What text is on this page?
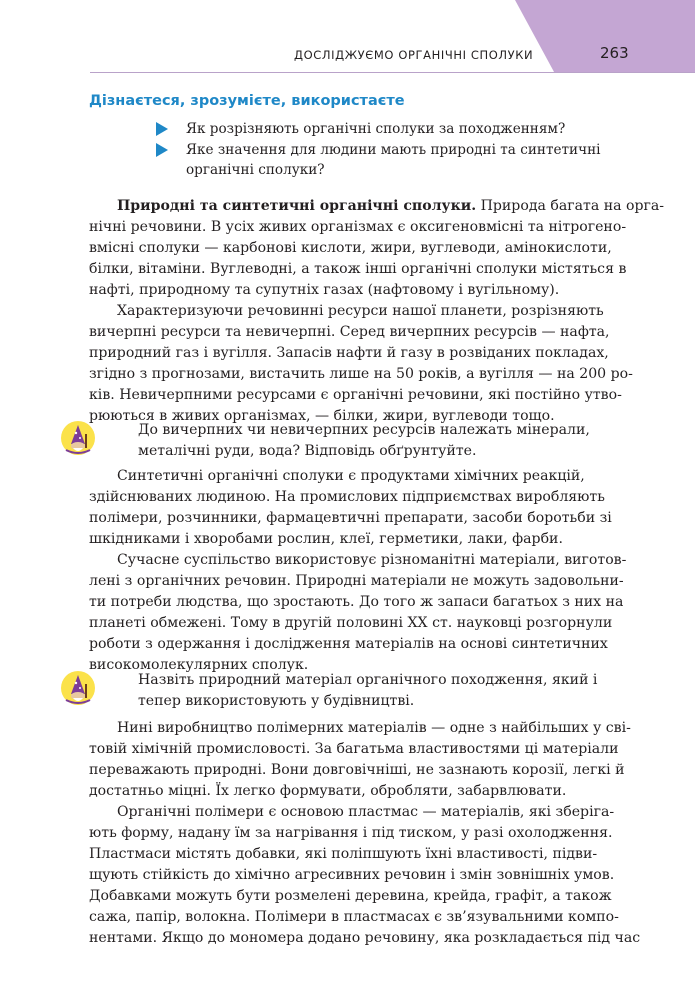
ДОСЛІДЖУЄМО ОРГАНІЧНІ СПОЛУКИ	263
Дізнаєтеся, зрозумієте, використаєте
Як розрізняють органічні сполуки за походженням?
Яке значення для людини мають природні та синтетичні
органічні сполуки?
Природні та синтетичні органічні сполуки. Природа багата на орга-
нічні речовини. В усіх живих організмах є оксигеновмісні та нітрогено-
вмісні сполуки — карбонові кислоти, жири, вуглеводи, амінокислоти,
білки, вітаміни. Вуглеводні, а також інші органічні сполуки містяться в
нафті, природному та супутніх газах (нафтовому і вугільному).
Характеризуючи речовинні ресурси нашої планети, розрізняють
вичерпні ресурси та невичерпні. Серед вичерпних ресурсів — нафта,
природний газ і вугілля. Запасів нафти й газу в розвіданих покладах,
згідно з прогнозами, вистачить лише на 50 років, а вугілля — на 200 ро-
ків. Невичерпними ресурсами є органічні речовини, які постійно утво-
рюються в живих організмах, — білки, жири, вуглеводи тощо.
До вичерпних чи невичерпних ресурсів належать мінерали,
металічні руди, вода? Відповідь обґрунтуйте.
Синтетичні органічні сполуки є продуктами хімічних реакцій,
здійснюваних людиною. На промислових підприємствах виробляють
полімери, розчинники, фармацевтичні препарати, засоби боротьби зі
шкідниками і хворобами рослин, клеї, герметики, лаки, фарби.
Сучасне суспільство використовує різноманітні матеріали, виготов-
лені з органічних речовин. Природні матеріали не можуть задовольни-
ти потреби людства, що зростають. До того ж запаси багатьох з них на
планеті обмежені. Тому в другій половині XX ст. науковці розгорнули
роботи з одержання і дослідження матеріалів на основі синтетичних
високомолекулярних сполук.
Назвіть природний матеріал органічного походження, який і
тепер використовують у будівництві.
Нині виробництво полімерних матеріалів — одне з найбільших у сві-
товій хімічній промисловості. За багатьма властивостями ці матеріали
переважають природні. Вони довговічніші, не зазнають корозії, легкі й
достатньо міцні. Їх легко формувати, обробляти, забарвлювати.
Органічні полімери є основою пластмас — матеріалів, які зберіга-
ють форму, надану їм за нагрівання і під тиском, у разі охолодження.
Пластмаси містять добавки, які поліпшують їхні властивості, підви-
щують стійкість до хімічно агресивних речовин і змін зовнішніх умов.
Добавками можуть бути розмелені деревина, крейда, графіт, а також
сажа, папір, волокна. Полімери в пластмасах є зв’язувальними компо-
нентами. Якщо до мономера додано речовину, яка розкладається під час
